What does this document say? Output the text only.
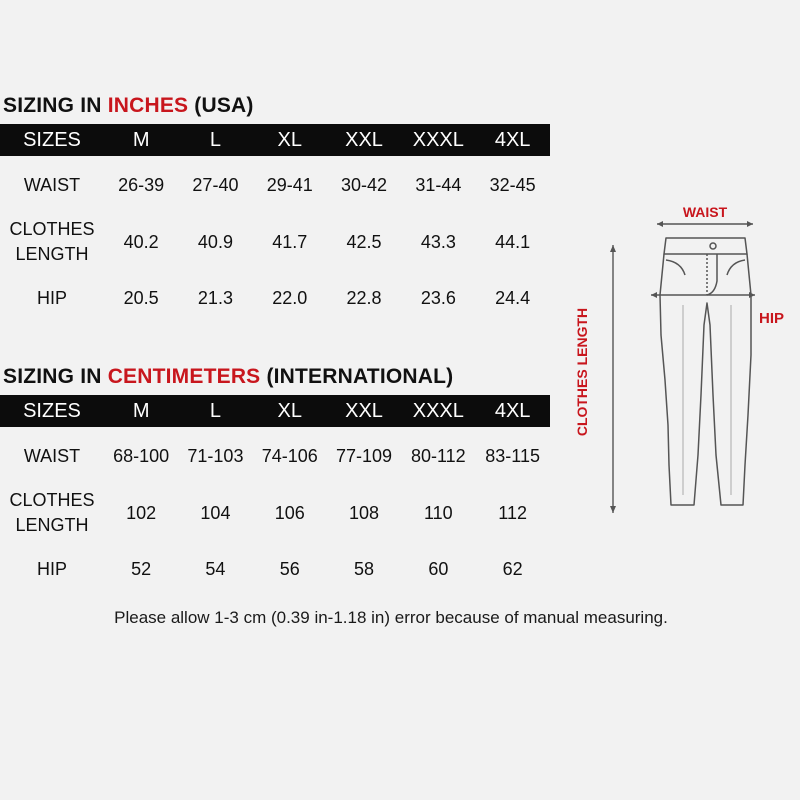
SIZING IN INCHES (USA)
SIZES	M	L	XL	XXL	XXXL	4XL
WAIST	26-39	27-40	29-41	30-42	31-44	32-45
CLOTHES
LENGTH
40.2	40.9	41.7	42.5	43.3	44.1
HIP	20.5	21.3	22.0	22.8	23.6	24.4
SIZING IN CENTIMETERS (INTERNATIONAL)
SIZES	M	L	XL	XXL	XXXL	4XL
WAIST	68-100	71-103	74-106	77-109	80-112	83-115
CLOTHES
LENGTH
102	104	106	108	110	112
HIP	52	54	56	58	60	62
Please allow 1-3 cm (0.39 in-1.18 in) error because of manual measuring.
WAIST
HIP
CLOTHES LENGTH
